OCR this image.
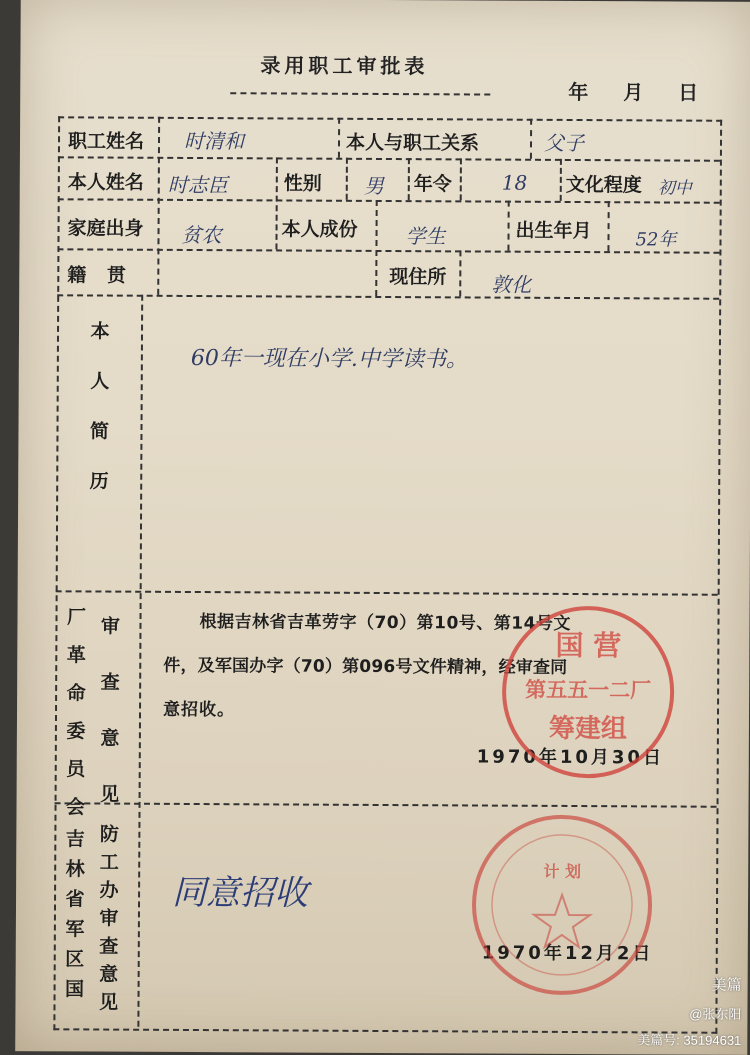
录用职工审批表
年 月 日
职工姓名 时清和	本人与职工关系	父子
本人姓名 时志臣	性别 男 年令 18 文化程度 初中
家庭出身 贫农	本人成份 学生	出生年月 52年
籍 贯	现住所 敦化
本
人
简
历
60年一现在小学.中学读书。
厂
革
命
委
员
会
审
查
意
见
根据吉林省吉革劳字（70）第10号、第14号文
件，及军国办字（70）第096号文件精神，经审查同
意招收。
1970年10月30日
国 营
第五五一二厂
筹建组
吉
林
省
军
区
国
防
工
办
审
查
意
见
同意招收
1970年12月2日
计 划
美篇
@张东阳
美篇号: 35194631
